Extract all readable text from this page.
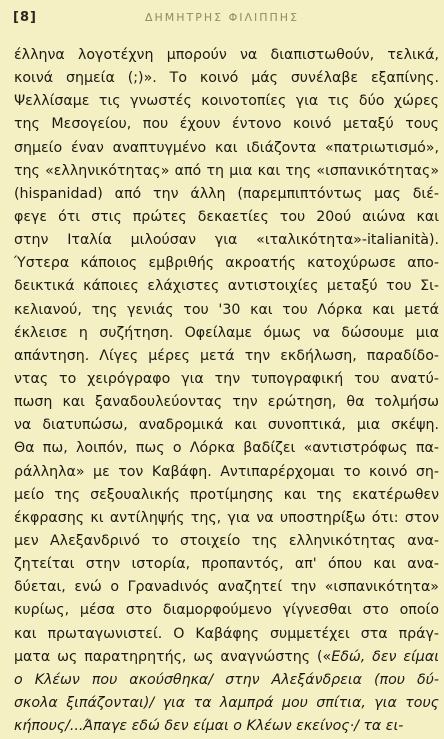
[8]	ΔΗΜΗΤΡΗΣ ΦΙΛΙΠΠΗΣ
έλληνα λογοτέχνη μπορούν να διαπιστωθούν, τελικά,
κοινά σημεία (;)». Το κοινό μάς συνέλαβε εξαπίνης.
Ψελλίσαμε τις γνωστές κοινοτοπίες για τις δύο χώρες
της Μεσογείου, που έχουν έντονο κοινό μεταξύ τους
σημείο έναν αναπτυγμένο και ιδιάζοντα «πατριωτισμό»,
της «ελληνικότητας» από τη μια και της «ισπανικότητας»
(hispanidad) από την άλλη (παρεμπιπτόντως μας διέ-
φεγε ότι στις πρώτες δεκαετίες του 20ού αιώνα και
στην Ιταλία μιλούσαν για «ιταλικότητα»-italianità).
Ύστερα κάποιος εμβριθής ακροατής κατοχύρωσε απο-
δεικτικά κάποιες ελάχιστες αντιστοιχίες μεταξύ του Σι-
κελιανού, της γενιάς του '30 και του Λόρκα και μετά
έκλεισε η συζήτηση. Οφείλαμε όμως να δώσουμε μια
απάντηση. Λίγες μέρες μετά την εκδήλωση, παραδίδο-
ντας το χειρόγραφο για την τυπογραφική του ανατύ-
πωση και ξαναδουλεύοντας την ερώτηση, θα τολμήσω
να διατυπώσω, αναδρομικά και συνοπτικά, μια σκέψη.
Θα πω, λοιπόν, πως ο Λόρκα βαδίζει «αντιστρόφως πα-
ράλληλα» με τον Καβάφη. Αντιπαρέρχομαι το κοινό ση-
μείο της σεξουαλικής προτίμησης και της εκατέρωθεν
έκφρασης κι αντίληψής της, για να υποστηρίξω ότι: στον
μεν Αλεξανδρινό το στοιχείο της ελληνικότητας ανα-
ζητείται στην ιστορία, προπαντός, απ' όπου και ανα-
δύεται, ενώ ο Γρανadινός αναζητεί την «ισπανικότητα»
κυρίως, μέσα στο διαμορφούμενο γίγνεσθαι στο οποίο
και πρωταγωνιστεί. Ο Καβάφης συμμετέχει στα πράγ-
ματα ως παρατηρητής, ως αναγνώστης («Εδώ, δεν είμαι
ο Κλέων που ακούσθηκα/ στην Αλεξάνδρεια (που δύ-
σκολα ξιπάζονται)/ για τα λαμπρά μου σπίτια, για τους
κήπους/...Άπαγε εδώ δεν είμαι ο Κλέων εκείνος·/ τα ει-
